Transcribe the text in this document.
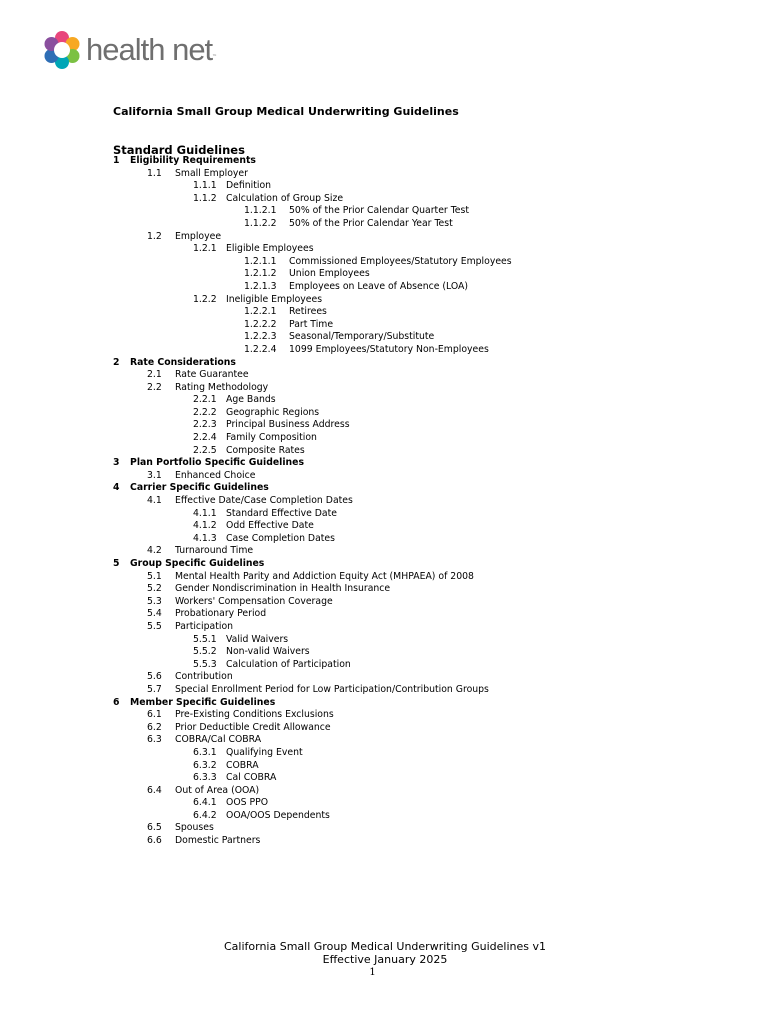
health net ™
California Small Group Medical Underwriting Guidelines
Standard Guidelines
1 Eligibility Requirements
1.1 Small Employer
1.1.1 Definition
1.1.2 Calculation of Group Size
1.1.2.1 50% of the Prior Calendar Quarter Test
1.1.2.2 50% of the Prior Calendar Year Test
1.2 Employee
1.2.1 Eligible Employees
1.2.1.1 Commissioned Employees/Statutory Employees
1.2.1.2 Union Employees
1.2.1.3 Employees on Leave of Absence (LOA)
1.2.2 Ineligible Employees
1.2.2.1 Retirees
1.2.2.2 Part Time
1.2.2.3 Seasonal/Temporary/Substitute
1.2.2.4 1099 Employees/Statutory Non-Employees
2 Rate Considerations
2.1 Rate Guarantee
2.2 Rating Methodology
2.2.1 Age Bands
2.2.2 Geographic Regions
2.2.3 Principal Business Address
2.2.4 Family Composition
2.2.5 Composite Rates
3 Plan Portfolio Specific Guidelines
3.1 Enhanced Choice
4 Carrier Specific Guidelines
4.1 Effective Date/Case Completion Dates
4.1.1 Standard Effective Date
4.1.2 Odd Effective Date
4.1.3 Case Completion Dates
4.2 Turnaround Time
5 Group Specific Guidelines
5.1 Mental Health Parity and Addiction Equity Act (MHPAEA) of 2008
5.2 Gender Nondiscrimination in Health Insurance
5.3 Workers' Compensation Coverage
5.4 Probationary Period
5.5 Participation
5.5.1 Valid Waivers
5.5.2 Non-valid Waivers
5.5.3 Calculation of Participation
5.6 Contribution
5.7 Special Enrollment Period for Low Participation/Contribution Groups
6 Member Specific Guidelines
6.1 Pre-Existing Conditions Exclusions
6.2 Prior Deductible Credit Allowance
6.3 COBRA/Cal COBRA
6.3.1 Qualifying Event
6.3.2 COBRA
6.3.3 Cal COBRA
6.4 Out of Area (OOA)
6.4.1 OOS PPO
6.4.2 OOA/OOS Dependents
6.5 Spouses
6.6 Domestic Partners
California Small Group Medical Underwriting Guidelines v1
Effective January 2025
1
